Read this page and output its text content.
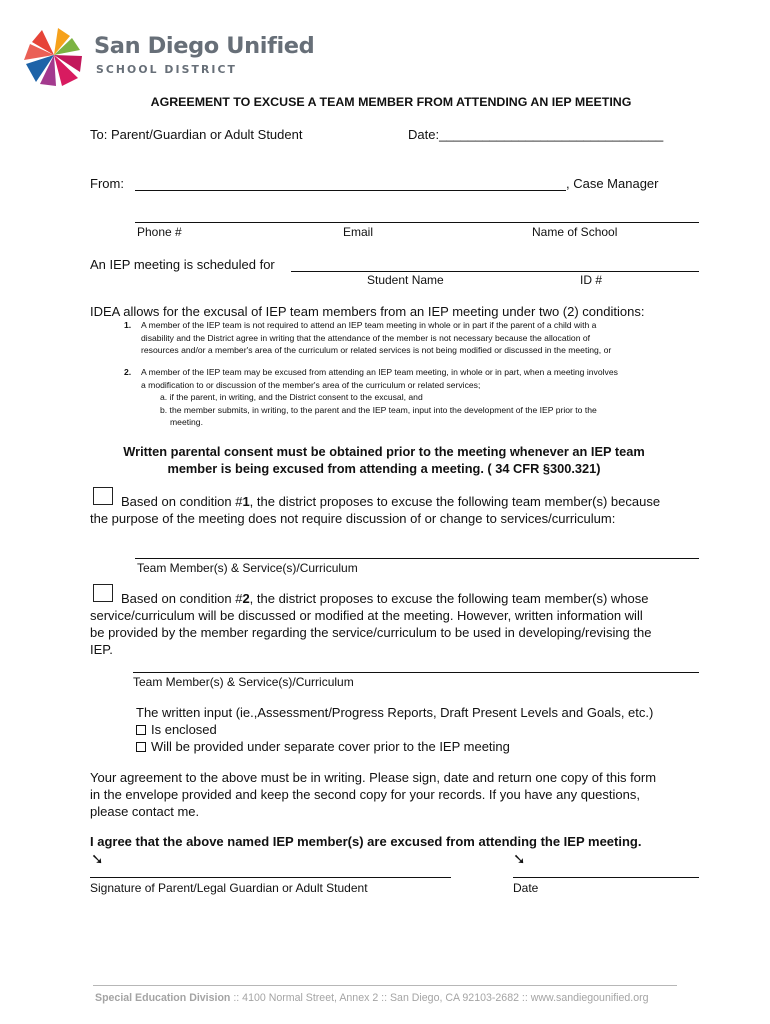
San Diego Unified
SCHOOL DISTRICT
AGREEMENT TO EXCUSE A TEAM MEMBER FROM ATTENDING AN IEP MEETING
To: Parent/Guardian or Adult Student	Date:_______________________________
From:	, Case Manager
Phone #	Email	Name of School
An IEP meeting is scheduled for
Student Name	ID #
IDEA allows for the excusal of IEP team members from an IEP meeting under two (2) conditions:
1. A member of the IEP team is not required to attend an IEP team meeting in whole or in part if the parent of a child with a
disability and the District agree in writing that the attendance of the member is not necessary because the allocation of
resources and/or a member's area of the curriculum or related services is not being modified or discussed in the meeting, or
2. A member of the IEP team may be excused from attending an IEP team meeting, in whole or in part, when a meeting involves
a modification to or discussion of the member's area of the curriculum or related services;
a. if the parent, in writing, and the District consent to the excusal, and
b. the member submits, in writing, to the parent and the IEP team, input into the development of the IEP prior to the
meeting.
Written parental consent must be obtained prior to the meeting whenever an IEP team
member is being excused from attending a meeting. ( 34 CFR §300.321)
Based on condition #1, the district proposes to excuse the following team member(s) because
the purpose of the meeting does not require discussion of or change to services/curriculum:
Team Member(s) & Service(s)/Curriculum
Based on condition #2, the district proposes to excuse the following team member(s) whose
service/curriculum will be discussed or modified at the meeting. However, written information will
be provided by the member regarding the service/curriculum to be used in developing/revising the
IEP.
Team Member(s) & Service(s)/Curriculum
The written input (ie.,Assessment/Progress Reports, Draft Present Levels and Goals, etc.)
Is enclosed
Will be provided under separate cover prior to the IEP meeting
Your agreement to the above must be in writing. Please sign, date and return one copy of this form
in the envelope provided and keep the second copy for your records. If you have any questions,
please contact me.
I agree that the above named IEP member(s) are excused from attending the IEP meeting.
➘	➘
Signature of Parent/Legal Guardian or Adult Student	Date
Special Education Division :: 4100 Normal Street, Annex 2 :: San Diego, CA 92103-2682 :: www.sandiegounified.org
